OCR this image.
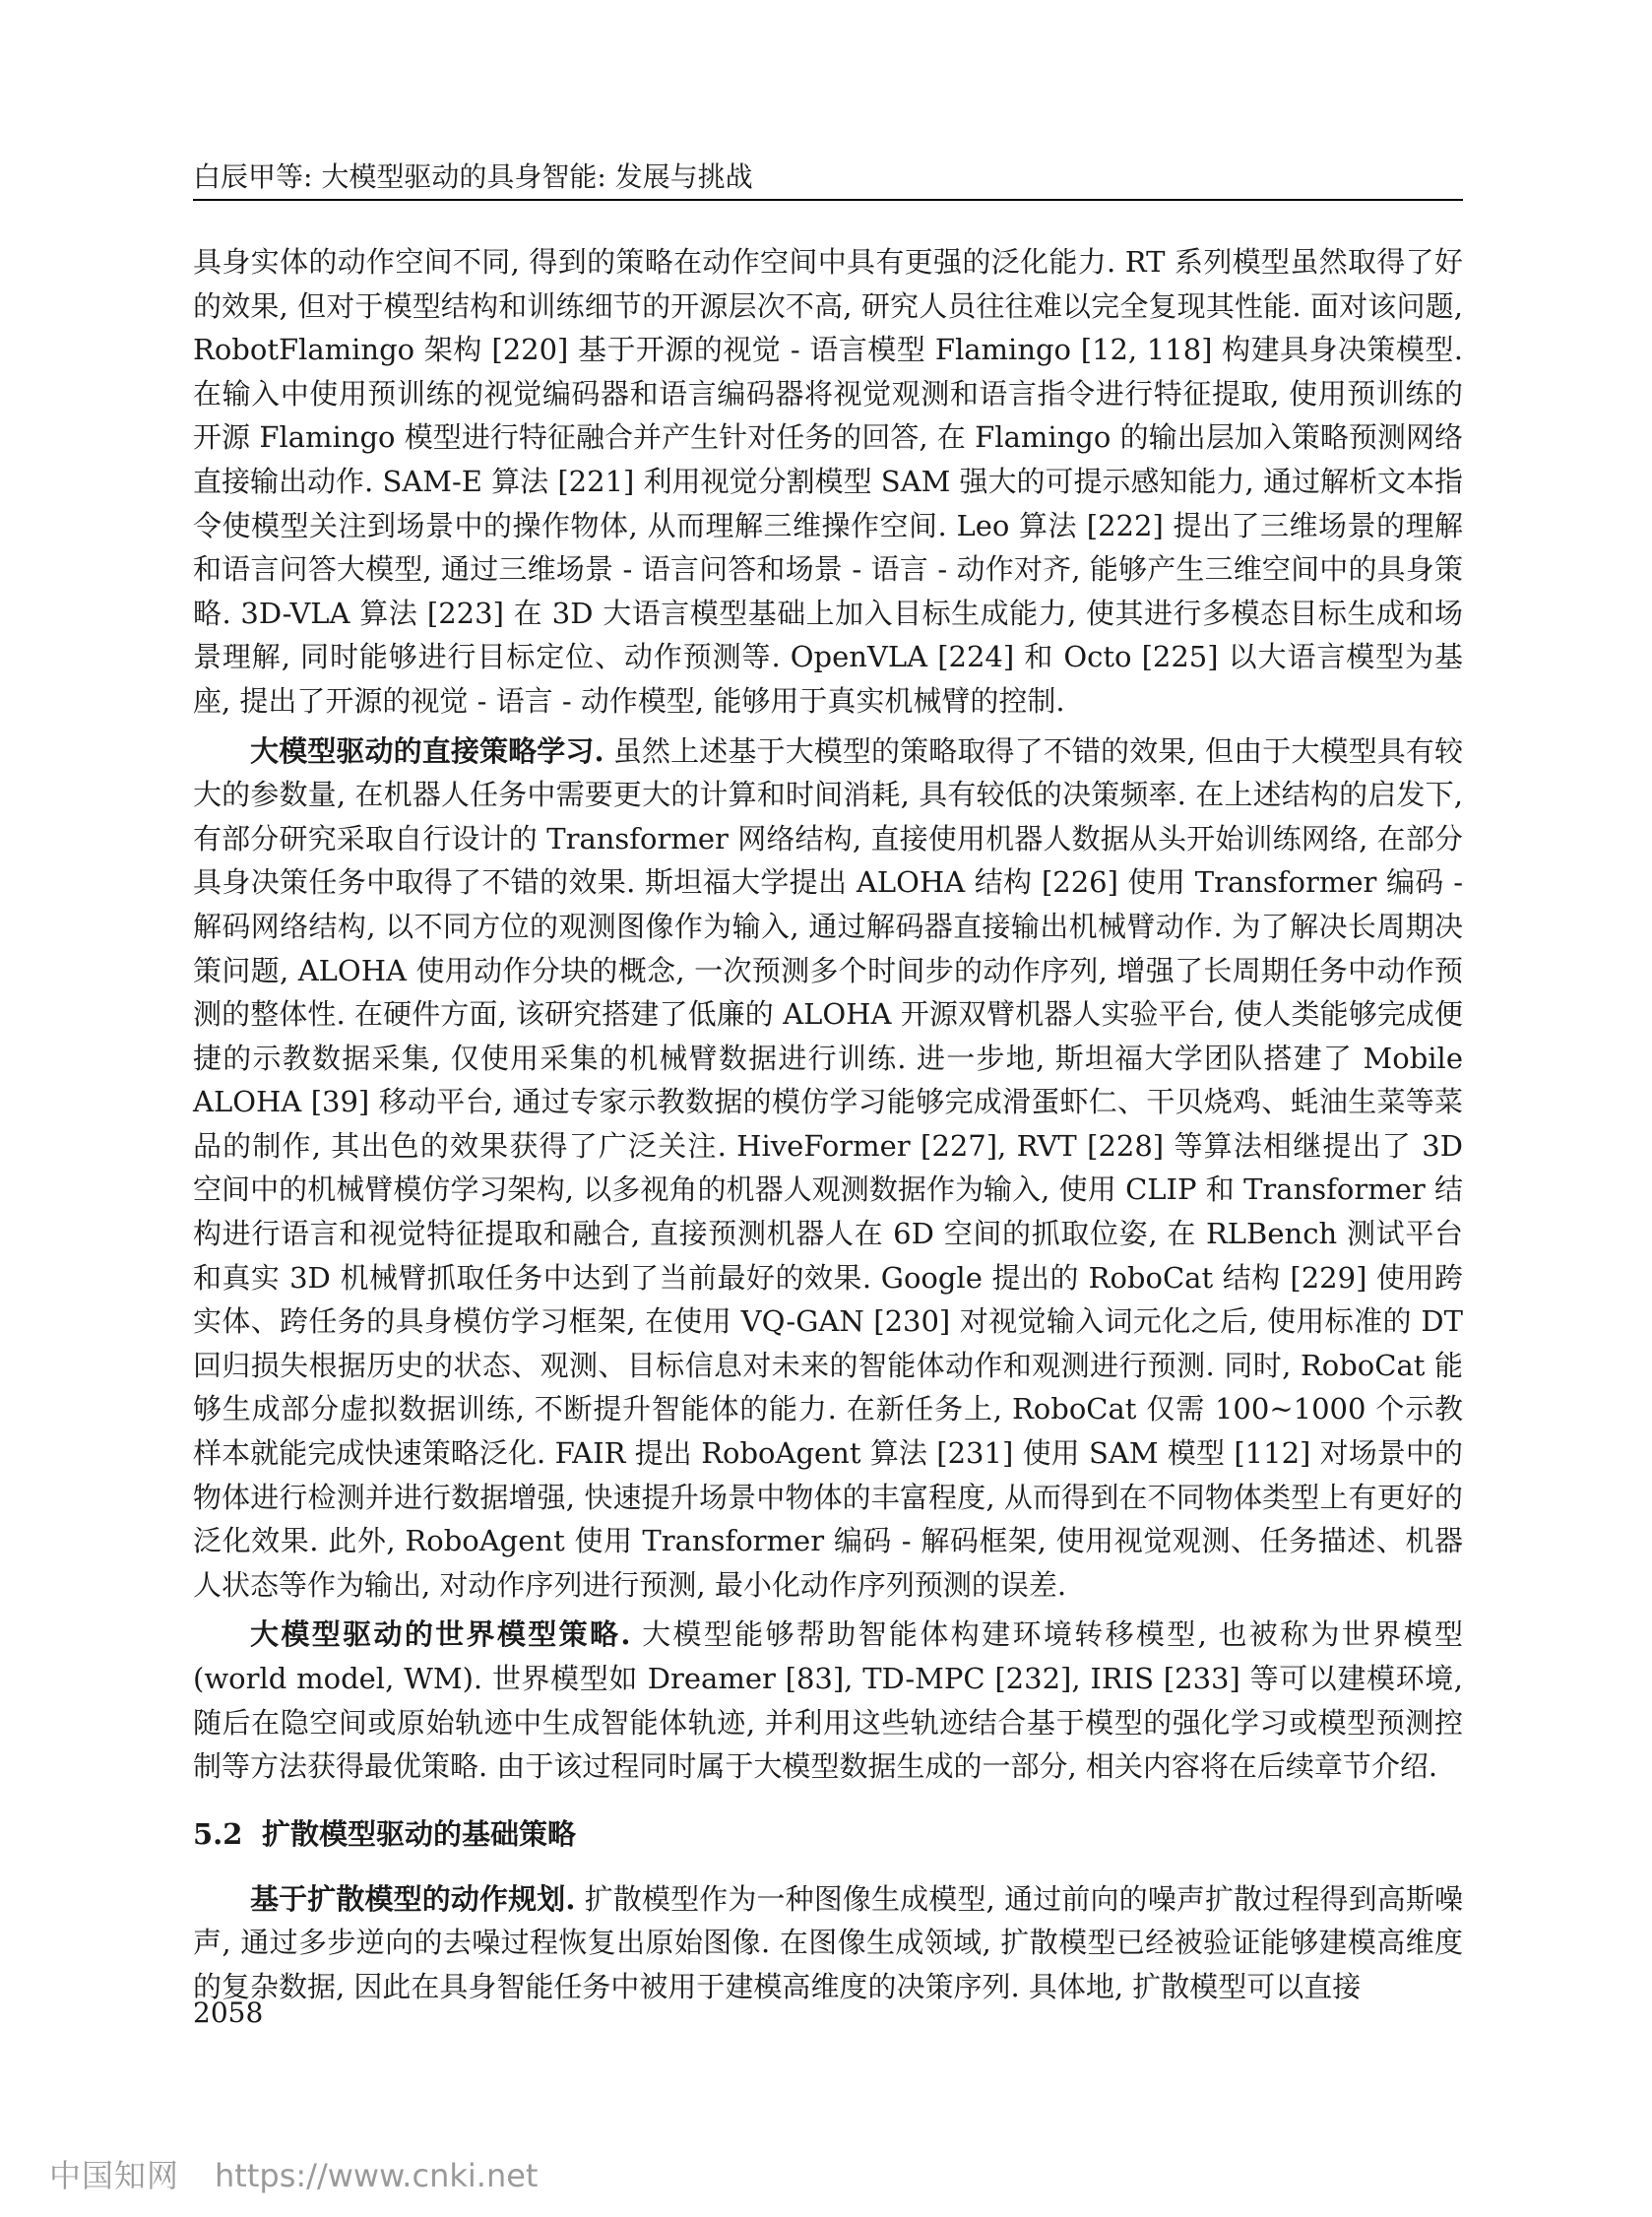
白辰甲等: 大模型驱动的具身智能: 发展与挑战

具身实体的动作空间不同, 得到的策略在动作空间中具有更强的泛化能力. RT 系列模型虽然取得了好的效果, 但对于模型结构和训练细节的开源层次不高, 研究人员往往难以完全复现其性能. 面对该问题, RobotFlamingo 架构 [220] 基于开源的视觉 - 语言模型 Flamingo [12, 118] 构建具身决策模型. 在输入中使用预训练的视觉编码器和语言编码器将视觉观测和语言指令进行特征提取, 使用预训练的开源 Flamingo 模型进行特征融合并产生针对任务的回答, 在 Flamingo 的输出层加入策略预测网络直接输出动作. SAM-E 算法 [221] 利用视觉分割模型 SAM 强大的可提示感知能力, 通过解析文本指令使模型关注到场景中的操作物体, 从而理解三维操作空间. Leo 算法 [222] 提出了三维场景的理解和语言问答大模型, 通过三维场景 - 语言问答和场景 - 语言 - 动作对齐, 能够产生三维空间中的具身策略. 3D-VLA 算法 [223] 在 3D 大语言模型基础上加入目标生成能力, 使其进行多模态目标生成和场景理解, 同时能够进行目标定位、动作预测等. OpenVLA [224] 和 Octo [225] 以大语言模型为基座, 提出了开源的视觉 - 语言 - 动作模型, 能够用于真实机械臂的控制.

大模型驱动的直接策略学习. 虽然上述基于大模型的策略取得了不错的效果, 但由于大模型具有较大的参数量, 在机器人任务中需要更大的计算和时间消耗, 具有较低的决策频率. 在上述结构的启发下, 有部分研究采取自行设计的 Transformer 网络结构, 直接使用机器人数据从头开始训练网络, 在部分具身决策任务中取得了不错的效果. 斯坦福大学提出 ALOHA 结构 [226] 使用 Transformer 编码 - 解码网络结构, 以不同方位的观测图像作为输入, 通过解码器直接输出机械臂动作. 为了解决长周期决策问题, ALOHA 使用动作分块的概念, 一次预测多个时间步的动作序列, 增强了长周期任务中动作预测的整体性. 在硬件方面, 该研究搭建了低廉的 ALOHA 开源双臂机器人实验平台, 使人类能够完成便捷的示教数据采集, 仅使用采集的机械臂数据进行训练. 进一步地, 斯坦福大学团队搭建了 Mobile ALOHA [39] 移动平台, 通过专家示教数据的模仿学习能够完成滑蛋虾仁、干贝烧鸡、蚝油生菜等菜品的制作, 其出色的效果获得了广泛关注. HiveFormer [227], RVT [228] 等算法相继提出了 3D 空间中的机械臂模仿学习架构, 以多视角的机器人观测数据作为输入, 使用 CLIP 和 Transformer 结构进行语言和视觉特征提取和融合, 直接预测机器人在 6D 空间的抓取位姿, 在 RLBench 测试平台和真实 3D 机械臂抓取任务中达到了当前最好的效果. Google 提出的 RoboCat 结构 [229] 使用跨实体、跨任务的具身模仿学习框架, 在使用 VQ-GAN [230] 对视觉输入词元化之后, 使用标准的 DT 回归损失根据历史的状态、观测、目标信息对未来的智能体动作和观测进行预测. 同时, RoboCat 能够生成部分虚拟数据训练, 不断提升智能体的能力. 在新任务上, RoboCat 仅需 100~1000 个示教样本就能完成快速策略泛化. FAIR 提出 RoboAgent 算法 [231] 使用 SAM 模型 [112] 对场景中的物体进行检测并进行数据增强, 快速提升场景中物体的丰富程度, 从而得到在不同物体类型上有更好的泛化效果. 此外, RoboAgent 使用 Transformer 编码 - 解码框架, 使用视觉观测、任务描述、机器人状态等作为输出, 对动作序列进行预测, 最小化动作序列预测的误差.

大模型驱动的世界模型策略. 大模型能够帮助智能体构建环境转移模型, 也被称为世界模型 (world model, WM). 世界模型如 Dreamer [83], TD-MPC [232], IRIS [233] 等可以建模环境, 随后在隐空间或原始轨迹中生成智能体轨迹, 并利用这些轨迹结合基于模型的强化学习或模型预测控制等方法获得最优策略. 由于该过程同时属于大模型数据生成的一部分, 相关内容将在后续章节介绍.

5.2 扩散模型驱动的基础策略

基于扩散模型的动作规划. 扩散模型作为一种图像生成模型, 通过前向的噪声扩散过程得到高斯噪声, 通过多步逆向的去噪过程恢复出原始图像. 在图像生成领域, 扩散模型已经被验证能够建模高维度的复杂数据, 因此在具身智能任务中被用于建模高维度的决策序列. 具体地, 扩散模型可以直接

2058
中国知网 https://www.cnki.net
